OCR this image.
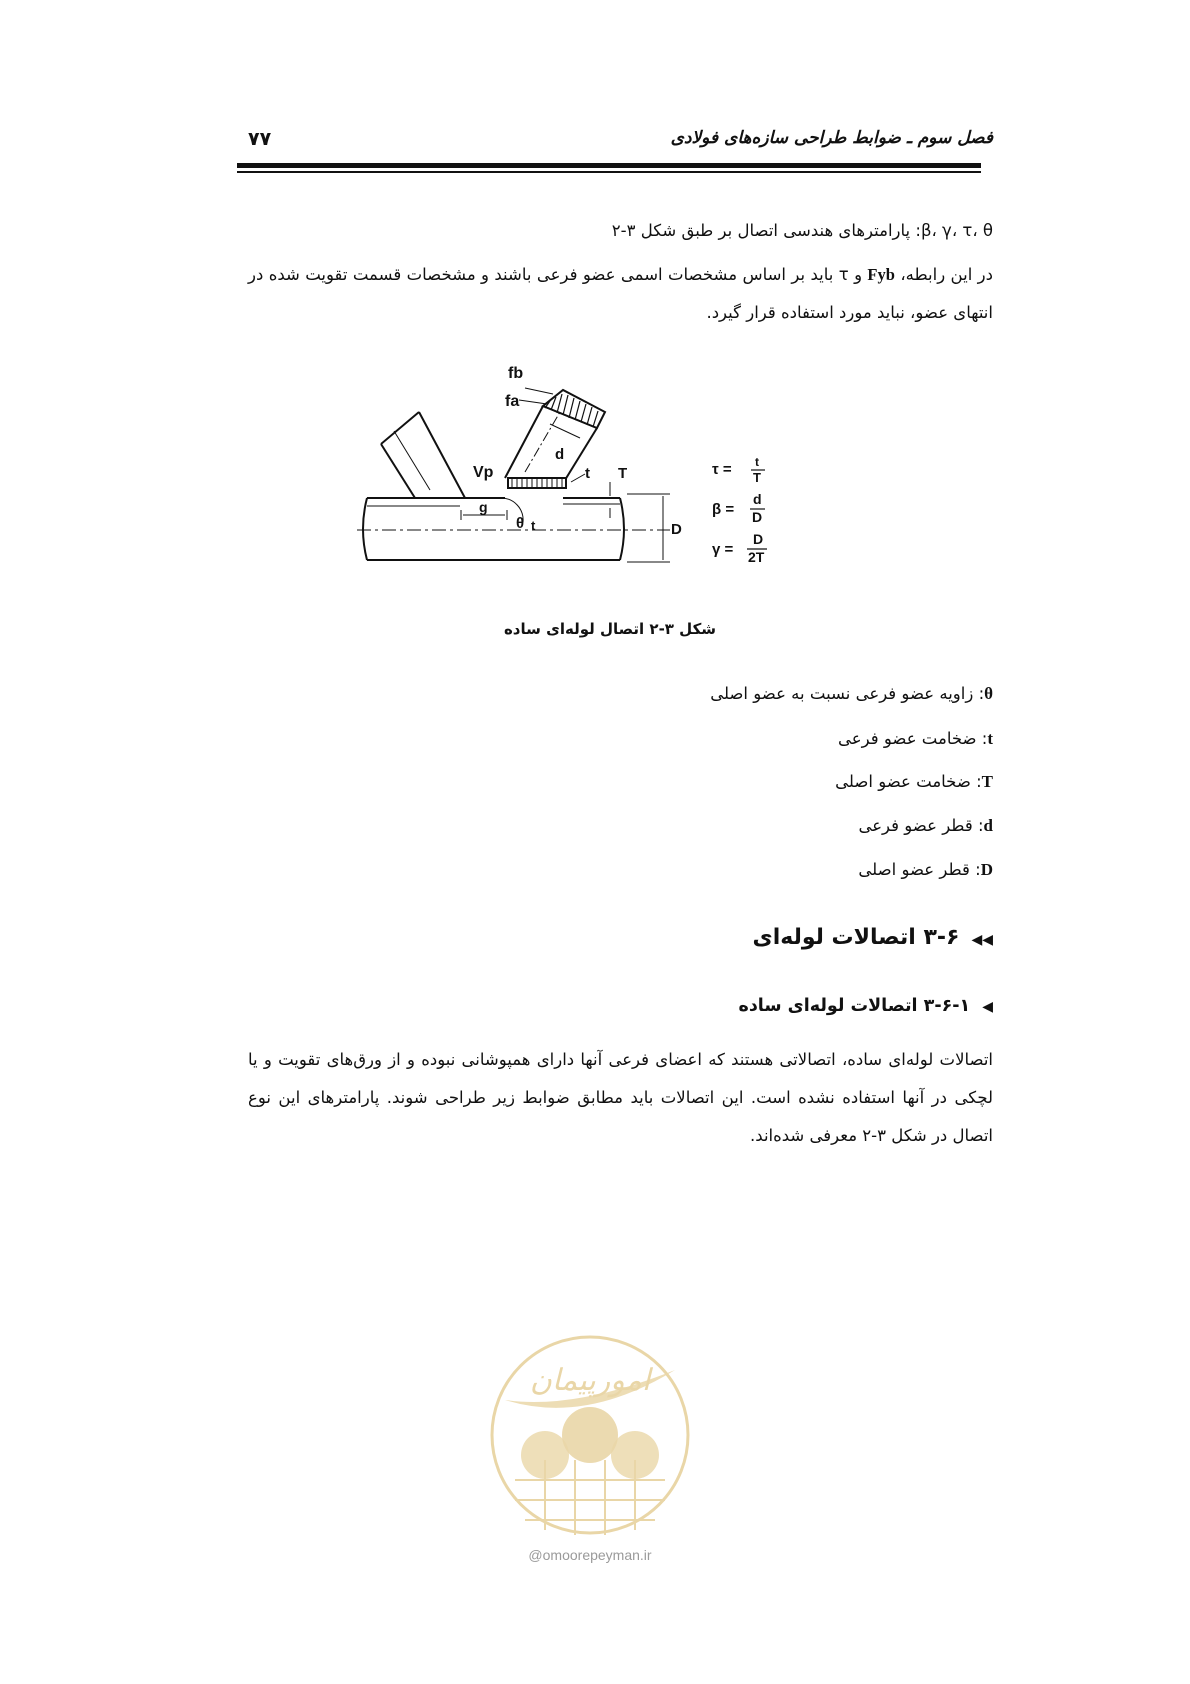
فصل سوم ـ ضوابط طراحی سازه‌های فولادی
۷۷
β، γ، τ، θ: پارامترهای هندسی اتصال بر طبق شکل ۳-۲
در این رابطه، Fyb و τ باید بر اساس مشخصات اسمی عضو فرعی باشند و مشخصات قسمت تقویت شده در انتهای عضو، نباید مورد استفاده قرار گیرد.
fb
fa
d
Vp	t T
g
θ t	D
τ = t
T
β =
d
D
γ =
D
2T
شکل ۳-۲ اتصال لوله‌ای ساده
θ: زاویه عضو فرعی نسبت به عضو اصلی
t: ضخامت عضو فرعی
T: ضخامت عضو اصلی
d: قطر عضو فرعی
D: قطر عضو اصلی
◀◀۳-۶ اتصالات لوله‌ای
◀۳-۶-۱ اتصالات لوله‌ای ساده
اتصالات لوله‌ای ساده، اتصالاتی هستند که اعضای فرعی آنها دارای همپوشانی نبوده و از ورق‌های تقویت و یا لچکی در آنها استفاده نشده است. این اتصالات باید مطابق ضوابط زیر طراحی شوند. پارامترهای این نوع اتصال در شکل ۳-۲ معرفی شده‌اند.
امورپیمان
@omoorepeyman.ir
